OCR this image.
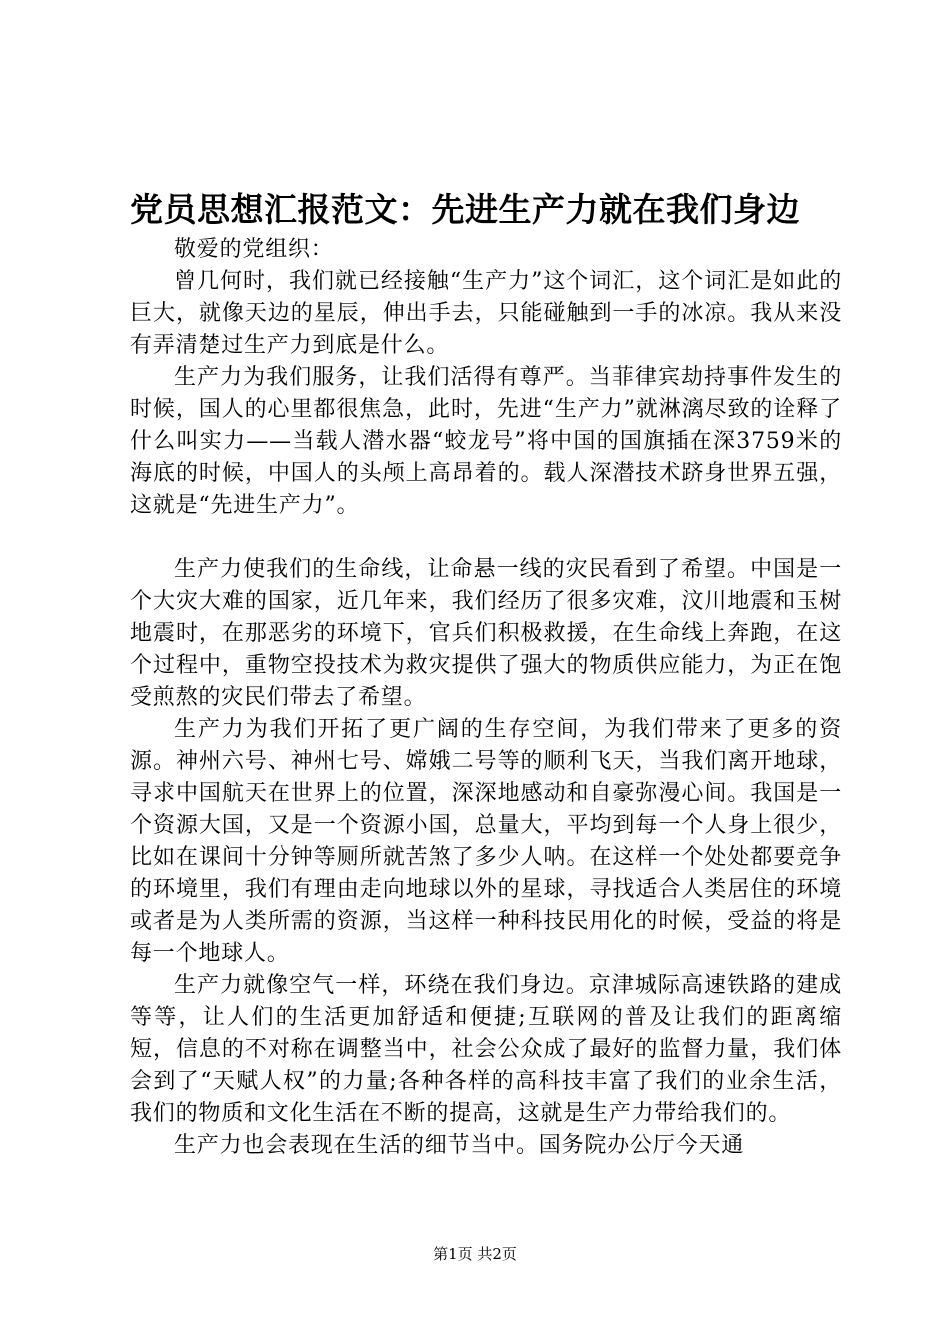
党员思想汇报范文：先进生产力就在我们身边

敬爱的党组织：

曾几何时，我们就已经接触“生产力”这个词汇，这个词汇是如此的巨大，就像天边的星辰，伸出手去，只能碰触到一手的冰凉。我从来没有弄清楚过生产力到底是什么。

生产力为我们服务，让我们活得有尊严。当菲律宾劫持事件发生的时候，国人的心里都很焦急，此时，先进“生产力”就淋漓尽致的诠释了什么叫实力——当载人潜水器“蛟龙号”将中国的国旗插在深3759米的海底的时候，中国人的头颅上高昂着的。载人深潜技术跻身世界五强，这就是“先进生产力”。

生产力使我们的生命线，让命悬一线的灾民看到了希望。中国是一个大灾大难的国家，近几年来，我们经历了很多灾难，汶川地震和玉树地震时，在那恶劣的环境下，官兵们积极救援，在生命线上奔跑，在这个过程中，重物空投技术为救灾提供了强大的物质供应能力，为正在饱受煎熬的灾民们带去了希望。

生产力为我们开拓了更广阔的生存空间，为我们带来了更多的资源。神州六号、神州七号、嫦娥二号等的顺利飞天，当我们离开地球，寻求中国航天在世界上的位置，深深地感动和自豪弥漫心间。我国是一个资源大国，又是一个资源小国，总量大，平均到每一个人身上很少，比如在课间十分钟等厕所就苦煞了多少人呐。在这样一个处处都要竞争的环境里，我们有理由走向地球以外的星球，寻找适合人类居住的环境或者是为人类所需的资源，当这样一种科技民用化的时候，受益的将是每一个地球人。

生产力就像空气一样，环绕在我们身边。京津城际高速铁路的建成等等，让人们的生活更加舒适和便捷;互联网的普及让我们的距离缩短，信息的不对称在调整当中，社会公众成了最好的监督力量，我们体会到了“天赋人权”的力量;各种各样的高科技丰富了我们的业余生活，我们的物质和文化生活在不断的提高，这就是生产力带给我们的。

生产力也会表现在生活的细节当中。国务院办公厅今天通

第1页 共2页
